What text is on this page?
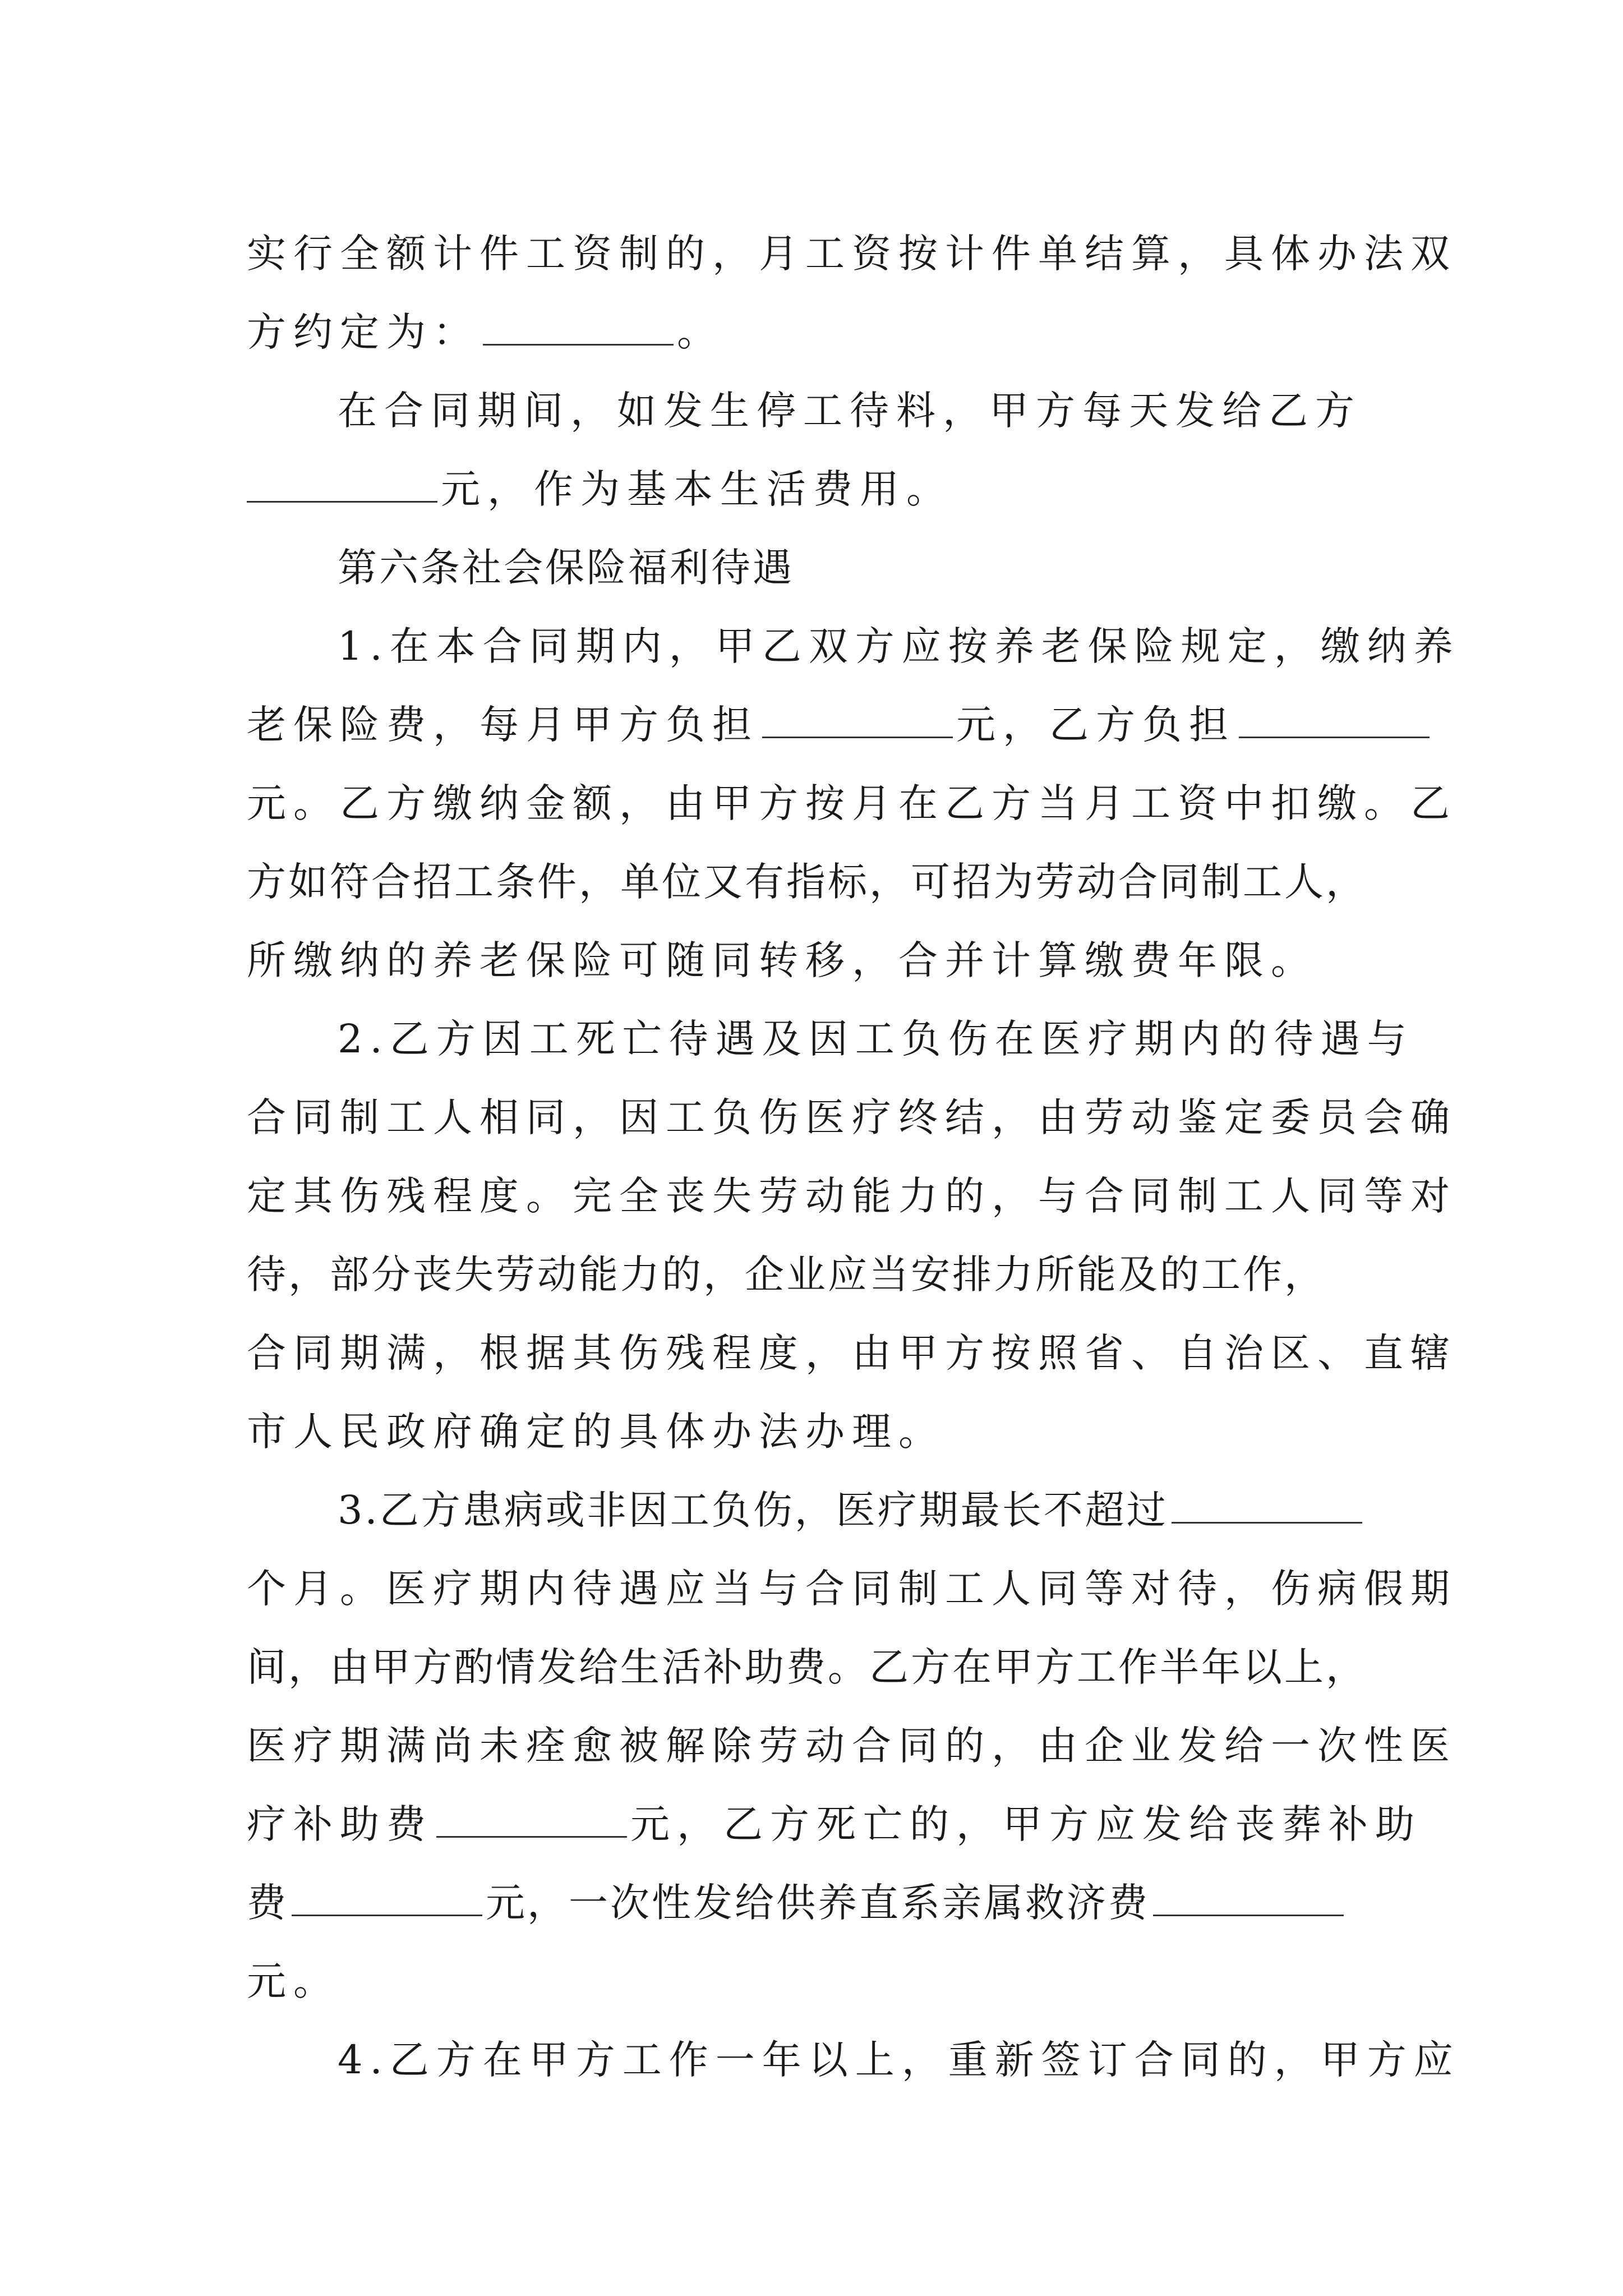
实行全额计件工资制的，月工资按计件单结算，具体办法双
方约定为：	。
在合同期间，如发生停工待料，甲方每天发给乙方
元，作为基本生活费用。
第六条社会保险福利待遇
1.在本合同期内，甲乙双方应按养老保险规定，缴纳养
老保险费，每月甲方负担	元，乙方负担
元。乙方缴纳金额，由甲方按月在乙方当月工资中扣缴。乙
方如符合招工条件，单位又有指标，可招为劳动合同制工人，
所缴纳的养老保险可随同转移，合并计算缴费年限。
2.乙方因工死亡待遇及因工负伤在医疗期内的待遇与
合同制工人相同，因工负伤医疗终结，由劳动鉴定委员会确
定其伤残程度。完全丧失劳动能力的，与合同制工人同等对
待，部分丧失劳动能力的，企业应当安排力所能及的工作，
合同期满，根据其伤残程度，由甲方按照省、自治区、直辖
市人民政府确定的具体办法办理。
3.乙方患病或非因工负伤，医疗期最长不超过
个月。医疗期内待遇应当与合同制工人同等对待，伤病假期
间，由甲方酌情发给生活补助费。乙方在甲方工作半年以上，
医疗期满尚未痊愈被解除劳动合同的，由企业发给一次性医
疗补助费	元，乙方死亡的，甲方应发给丧葬补助
费	元，一次性发给供养直系亲属救济费
元。
4.乙方在甲方工作一年以上，重新签订合同的，甲方应
